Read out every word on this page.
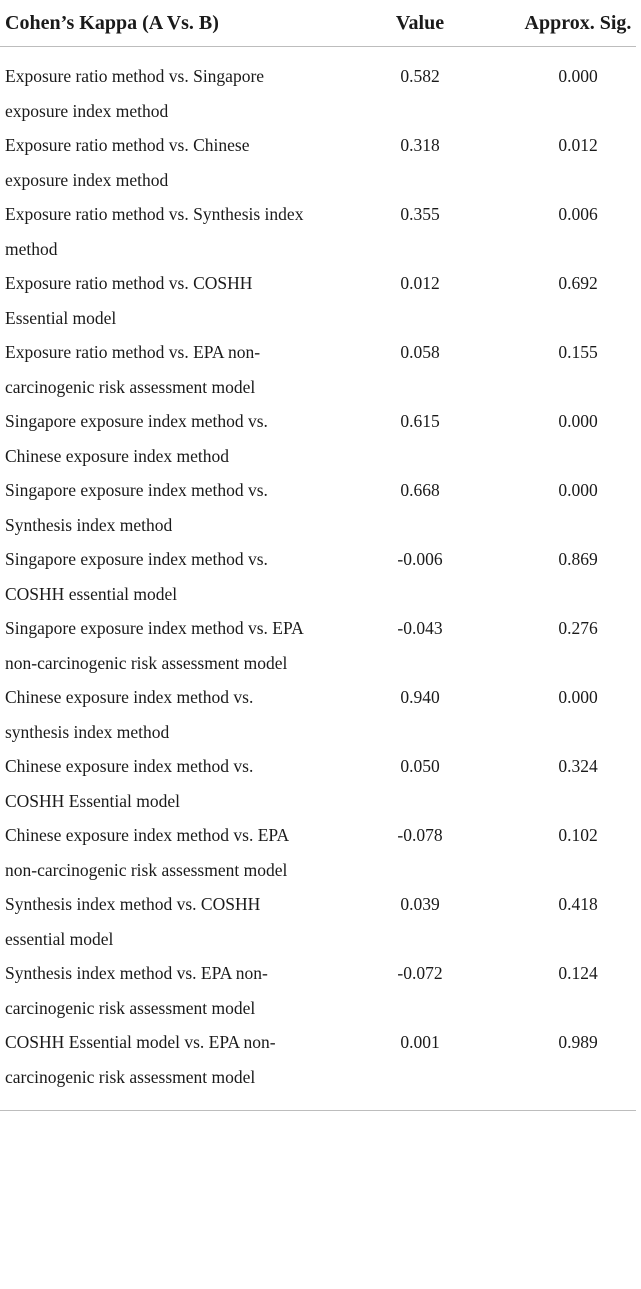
Cohen’s Kappa (A Vs. B)	Value	Approx. Sig.
Exposure ratio method vs. Singapore exposure index method	0.582	0.000
Exposure ratio method vs. Chinese exposure index method	0.318	0.012
Exposure ratio method vs. Synthesis index method	0.355	0.006
Exposure ratio method vs. COSHH Essential model	0.012	0.692
Exposure ratio method vs. EPA non-carcinogenic risk assessment model	0.058	0.155
Singapore exposure index method vs. Chinese exposure index method	0.615	0.000
Singapore exposure index method vs. Synthesis index method	0.668	0.000
Singapore exposure index method vs. COSHH essential model	-0.006	0.869
Singapore exposure index method vs. EPA non-carcinogenic risk assessment model	-0.043	0.276
Chinese exposure index method vs. synthesis index method	0.940	0.000
Chinese exposure index method vs. COSHH Essential model	0.050	0.324
Chinese exposure index method vs. EPA non-carcinogenic risk assessment model	-0.078	0.102
Synthesis index method vs. COSHH essential model	0.039	0.418
Synthesis index method vs. EPA non-carcinogenic risk assessment model	-0.072	0.124
COSHH Essential model vs. EPA non-carcinogenic risk assessment model	0.001	0.989
